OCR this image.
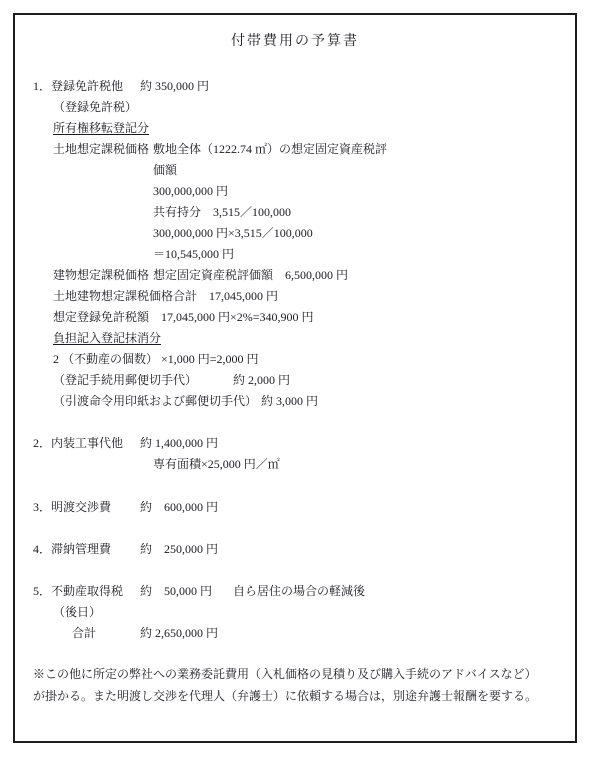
付帯費用の予算書
1．登録免許税他 約 350,000 円
（登録免許税）
所有権移転登記分
土地想定課税価格 敷地全体（1222.74 ㎡）の想定固定資産税評
価額
300,000,000 円
共有持分　3,515／100,000
300,000,000 円×3,515／100,000
＝10,545,000 円
建物想定課税価格 想定固定資産税評価額　6,500,000 円
土地建物想定課税価格合計　17,045,000 円
想定登録免許税額　17,045,000 円×2%=340,900 円
負担記入登記抹消分
2 （不動産の個数） ×1,000 円=2,000 円
（登記手続用郵便切手代）	約 2,000 円
（引渡命令用印紙および郵便切手代） 約 3,000 円
2．内装工事代他 約 1,400,000 円
専有面積×25,000 円／㎡
3．明渡交渉費 約　600,000 円
4．滞納管理費 約　250,000 円
5．不動産取得税 約　50,000 円 自ら居住の場合の軽減後
（後日）
合計	約 2,650,000 円
※この他に所定の弊社への業務委託費用（入札価格の見積り及び購入手続のアドバイスなど）が掛かる。また明渡し交渉を代理人（弁護士）に依頼する場合は，別途弁護士報酬を要する。
